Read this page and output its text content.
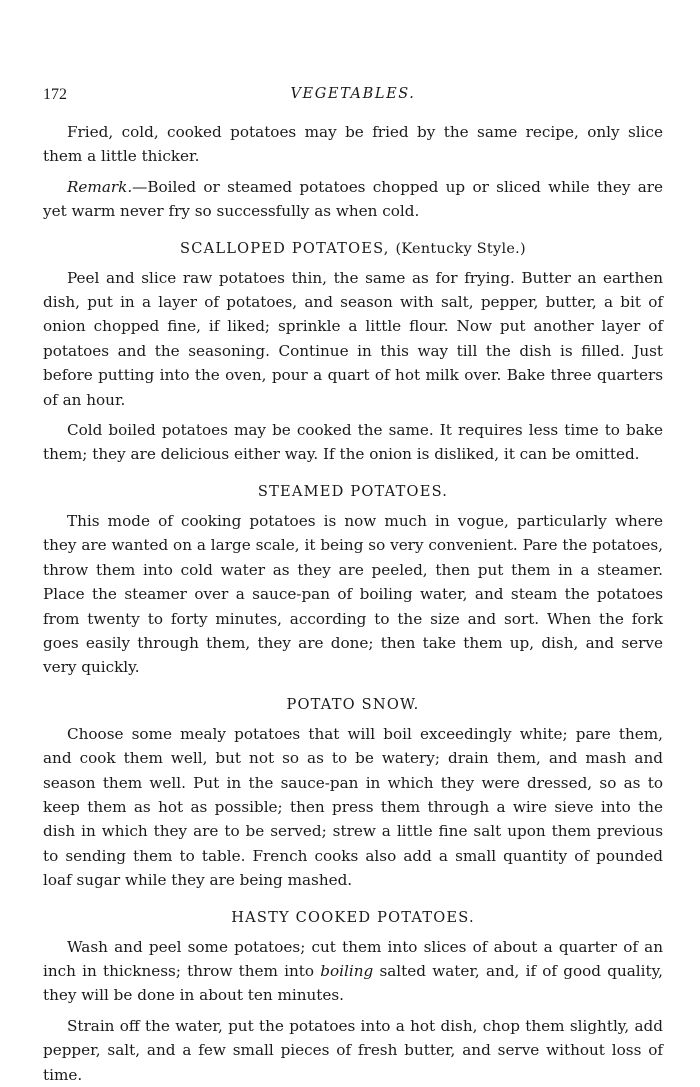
172	VEGETABLES.

Fried, cold, cooked potatoes may be fried by the same recipe, only slice them a little thicker.

Remark.—Boiled or steamed potatoes chopped up or sliced while they are yet warm never fry so successfully as when cold.

SCALLOPED POTATOES, (Kentucky Style.)

Peel and slice raw potatoes thin, the same as for frying. Butter an earthen dish, put in a layer of potatoes, and season with salt, pepper, butter, a bit of onion chopped fine, if liked; sprinkle a little flour. Now put another layer of potatoes and the seasoning. Continue in this way till the dish is filled. Just before putting into the oven, pour a quart of hot milk over. Bake three quarters of an hour.

Cold boiled potatoes may be cooked the same. It requires less time to bake them; they are delicious either way. If the onion is disliked, it can be omitted.

STEAMED POTATOES.

This mode of cooking potatoes is now much in vogue, particularly where they are wanted on a large scale, it being so very convenient. Pare the potatoes, throw them into cold water as they are peeled, then put them in a steamer. Place the steamer over a sauce-pan of boiling water, and steam the potatoes from twenty to forty minutes, according to the size and sort. When the fork goes easily through them, they are done; then take them up, dish, and serve very quickly.

POTATO SNOW.

Choose some mealy potatoes that will boil exceedingly white; pare them, and cook them well, but not so as to be watery; drain them, and mash and season them well. Put in the sauce-pan in which they were dressed, so as to keep them as hot as possible; then press them through a wire sieve into the dish in which they are to be served; strew a little fine salt upon them previous to sending them to table. French cooks also add a small quantity of pounded loaf sugar while they are being mashed.

HASTY COOKED POTATOES.

Wash and peel some potatoes; cut them into slices of about a quarter of an inch in thickness; throw them into boiling salted water, and, if of good quality, they will be done in about ten minutes.

Strain off the water, put the potatoes into a hot dish, chop them slightly, add pepper, salt, and a few small pieces of fresh butter, and serve without loss of time.
